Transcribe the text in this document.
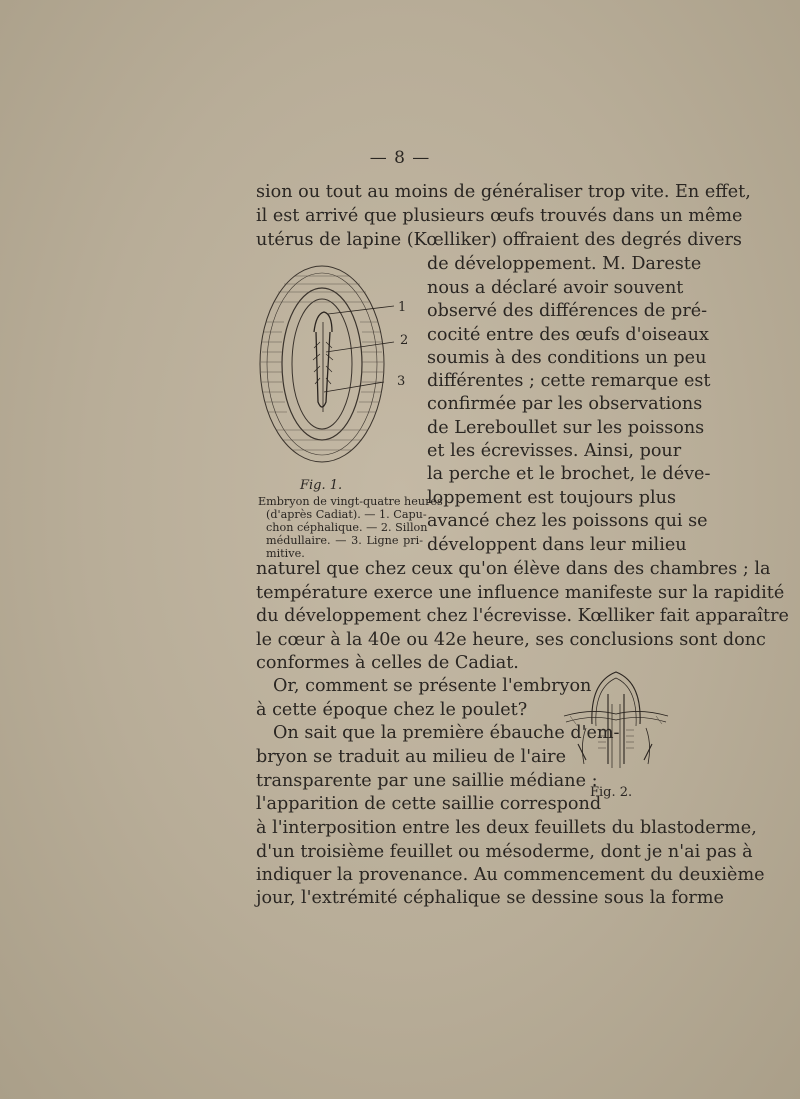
— 8 —
sion ou tout au moins de généraliser trop vite. En effet,
il est arrivé que plusieurs œufs trouvés dans un même
utérus de lapine (Kœlliker) offraient des degrés divers
de développement. M. Dareste
nous a déclaré avoir souvent
observé des différences de pré-
cocité entre des œufs d'oiseaux
soumis à des conditions un peu
différentes ; cette remarque est
confirmée par les observations
de Lereboullet sur les poissons
et les écrevisses. Ainsi, pour
la perche et le brochet, le déve-
loppement est toujours plus
avancé chez les poissons qui se
développent dans leur milieu
1
2
3
Fig. 1.
Embryon de vingt-quatre heures
(d'après Cadiat). — 1. Capu-
chon céphalique. — 2. Sillon
médullaire. — 3. Ligne pri-
mitive.
naturel que chez ceux qu'on élève dans des chambres ; la
température exerce une influence manifeste sur la rapidité
du développement chez l'écrevisse. Kœlliker fait apparaître
le cœur à la 40e ou 42e heure, ses conclusions sont donc
conformes à celles de Cadiat.
Or, comment se présente l'embryon
à cette époque chez le poulet?
On sait que la première ébauche d'em-
bryon se traduit au milieu de l'aire
transparente par une saillie médiane :
l'apparition de cette saillie correspond
Fig. 2.
à l'interposition entre les deux feuillets du blastoderme,
d'un troisième feuillet ou mésoderme, dont je n'ai pas à
indiquer la provenance. Au commencement du deuxième
jour, l'extrémité céphalique se dessine sous la forme
